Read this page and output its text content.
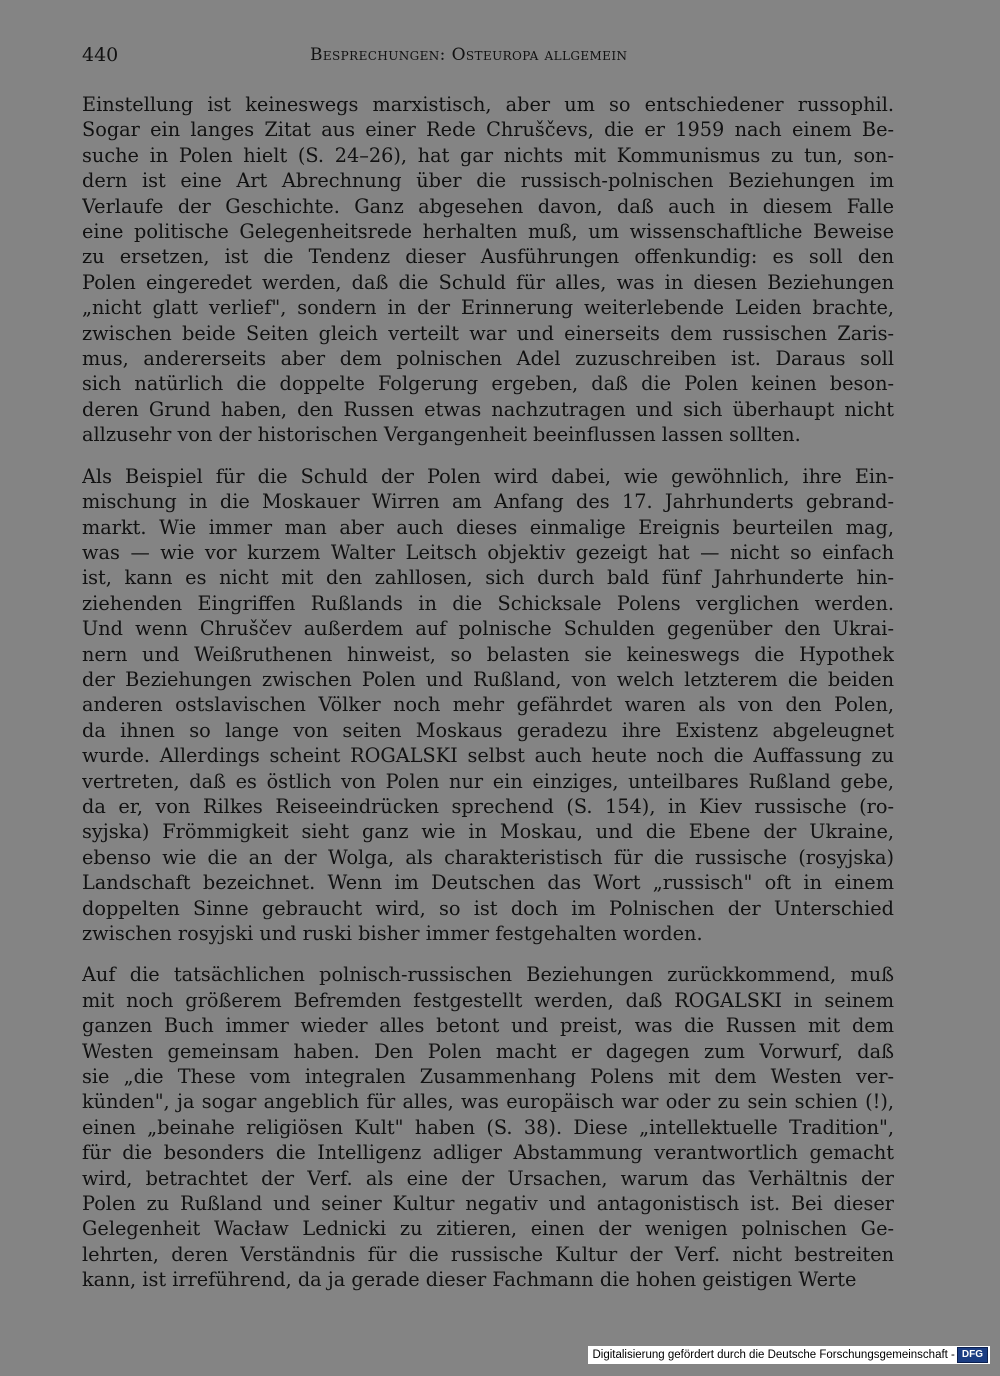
440	Besprechungen: Osteuropa allgemein
Einstellung ist keineswegs marxistisch, aber um so entschiedener russophil.
Sogar ein langes Zitat aus einer Rede Chruščevs, die er 1959 nach einem Be-
suche in Polen hielt (S. 24–26), hat gar nichts mit Kommunismus zu tun, son-
dern ist eine Art Abrechnung über die russisch-polnischen Beziehungen im
Verlaufe der Geschichte. Ganz abgesehen davon, daß auch in diesem Falle
eine politische Gelegenheitsrede herhalten muß, um wissenschaftliche Beweise
zu ersetzen, ist die Tendenz dieser Ausführungen offenkundig: es soll den
Polen eingeredet werden, daß die Schuld für alles, was in diesen Beziehungen
„nicht glatt verlief", sondern in der Erinnerung weiterlebende Leiden brachte,
zwischen beide Seiten gleich verteilt war und einerseits dem russischen Zaris-
mus, andererseits aber dem polnischen Adel zuzuschreiben ist. Daraus soll
sich natürlich die doppelte Folgerung ergeben, daß die Polen keinen beson-
deren Grund haben, den Russen etwas nachzutragen und sich überhaupt nicht
allzusehr von der historischen Vergangenheit beeinflussen lassen sollten.
Als Beispiel für die Schuld der Polen wird dabei, wie gewöhnlich, ihre Ein-
mischung in die Moskauer Wirren am Anfang des 17. Jahrhunderts gebrand-
markt. Wie immer man aber auch dieses einmalige Ereignis beurteilen mag,
was — wie vor kurzem Walter Leitsch objektiv gezeigt hat — nicht so einfach
ist, kann es nicht mit den zahllosen, sich durch bald fünf Jahrhunderte hin-
ziehenden Eingriffen Rußlands in die Schicksale Polens verglichen werden.
Und wenn Chruščev außerdem auf polnische Schulden gegenüber den Ukrai-
nern und Weißruthenen hinweist, so belasten sie keineswegs die Hypothek
der Beziehungen zwischen Polen und Rußland, von welch letzterem die beiden
anderen ostslavischen Völker noch mehr gefährdet waren als von den Polen,
da ihnen so lange von seiten Moskaus geradezu ihre Existenz abgeleugnet
wurde. Allerdings scheint ROGALSKI selbst auch heute noch die Auffassung zu
vertreten, daß es östlich von Polen nur ein einziges, unteilbares Rußland gebe,
da er, von Rilkes Reiseeindrücken sprechend (S. 154), in Kiev russische (ro-
syjska) Frömmigkeit sieht ganz wie in Moskau, und die Ebene der Ukraine,
ebenso wie die an der Wolga, als charakteristisch für die russische (rosyjska)
Landschaft bezeichnet. Wenn im Deutschen das Wort „russisch" oft in einem
doppelten Sinne gebraucht wird, so ist doch im Polnischen der Unterschied
zwischen rosyjski und ruski bisher immer festgehalten worden.
Auf die tatsächlichen polnisch-russischen Beziehungen zurückkommend, muß
mit noch größerem Befremden festgestellt werden, daß ROGALSKI in seinem
ganzen Buch immer wieder alles betont und preist, was die Russen mit dem
Westen gemeinsam haben. Den Polen macht er dagegen zum Vorwurf, daß
sie „die These vom integralen Zusammenhang Polens mit dem Westen ver-
künden", ja sogar angeblich für alles, was europäisch war oder zu sein schien (!),
einen „beinahe religiösen Kult" haben (S. 38). Diese „intellektuelle Tradition",
für die besonders die Intelligenz adliger Abstammung verantwortlich gemacht
wird, betrachtet der Verf. als eine der Ursachen, warum das Verhältnis der
Polen zu Rußland und seiner Kultur negativ und antagonistisch ist. Bei dieser
Gelegenheit Wacław Lednicki zu zitieren, einen der wenigen polnischen Ge-
lehrten, deren Verständnis für die russische Kultur der Verf. nicht bestreiten
kann, ist irreführend, da ja gerade dieser Fachmann die hohen geistigen Werte
Digitalisierung gefördert durch die Deutsche Forschungsgemeinschaft - DFG
